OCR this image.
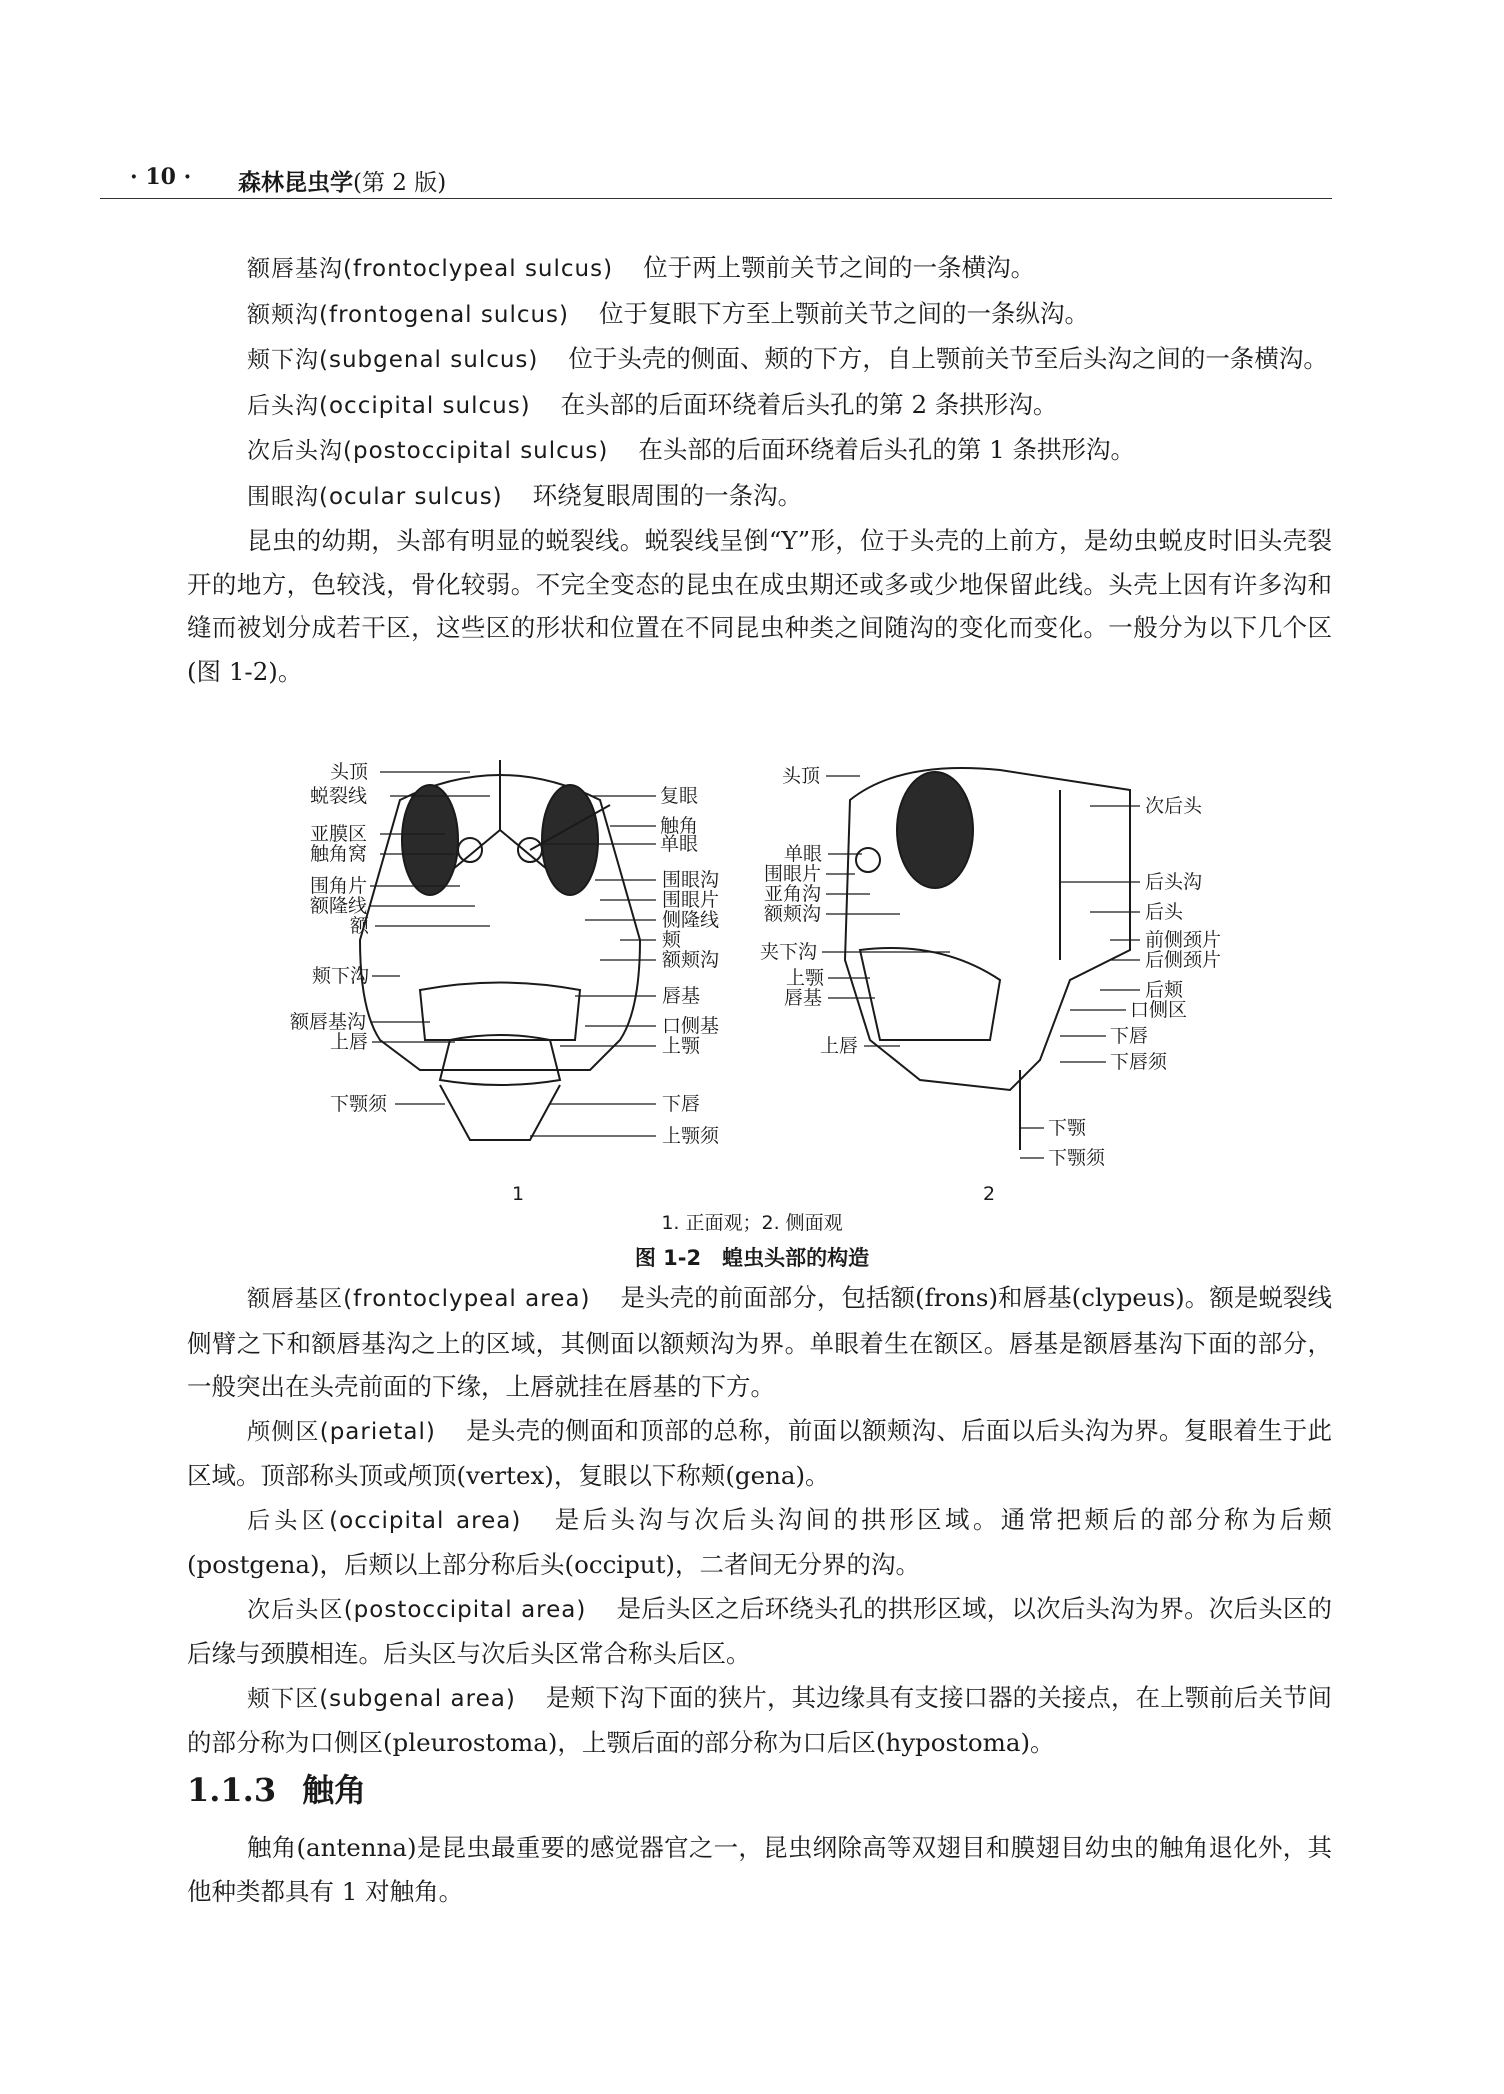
· 10 · 森林昆虫学(第 2 版)

额唇基沟(frontoclypeal sulcus) 位于两上颚前关节之间的一条横沟。

额颊沟(frontogenal sulcus) 位于复眼下方至上颚前关节之间的一条纵沟。

颊下沟(subgenal sulcus) 位于头壳的侧面、颊的下方，自上颚前关节至后头沟之间的一条横沟。

后头沟(occipital sulcus) 在头部的后面环绕着后头孔的第 2 条拱形沟。

次后头沟(postoccipital sulcus) 在头部的后面环绕着后头孔的第 1 条拱形沟。

围眼沟(ocular sulcus) 环绕复眼周围的一条沟。

昆虫的幼期，头部有明显的蜕裂线。蜕裂线呈倒“Y”形，位于头壳的上前方，是幼虫蜕皮时旧头壳裂开的地方，色较浅，骨化较弱。不完全变态的昆虫在成虫期还或多或少地保留此线。头壳上因有许多沟和缝而被划分成若干区，这些区的形状和位置在不同昆虫种类之间随沟的变化而变化。一般分为以下几个区(图 1-2)。

头顶
蜕裂线
亚膜区
触角窝
围角片
额隆线
额
颊下沟
额唇基沟
上唇
下颚须
复眼
触角
单眼
围眼沟
围眼片
侧隆线
颊
额颊沟
唇基
口侧基
上颚
下唇
上颚须
头顶
单眼
围眼片
亚角沟
额颊沟
夹下沟
上颚
唇基
上唇
次后头
后头沟
后头
前侧颈片
后侧颈片
后颊
口侧区
下唇
下唇须
下颚
下颚须
1	2
1. 正面观；2. 侧面观
图 1-2　蝗虫头部的构造

额唇基区(frontoclypeal area) 是头壳的前面部分，包括额(frons)和唇基(clypeus)。额是蜕裂线侧臂之下和额唇基沟之上的区域，其侧面以额颊沟为界。单眼着生在额区。唇基是额唇基沟下面的部分，一般突出在头壳前面的下缘，上唇就挂在唇基的下方。

颅侧区(parietal) 是头壳的侧面和顶部的总称，前面以额颊沟、后面以后头沟为界。复眼着生于此区域。顶部称头顶或颅顶(vertex)，复眼以下称颊(gena)。

后头区(occipital area) 是后头沟与次后头沟间的拱形区域。通常把颊后的部分称为后颊(postgena)，后颊以上部分称后头(occiput)，二者间无分界的沟。

次后头区(postoccipital area) 是后头区之后环绕头孔的拱形区域，以次后头沟为界。次后头区的后缘与颈膜相连。后头区与次后头区常合称头后区。

颊下区(subgenal area) 是颊下沟下面的狭片，其边缘具有支接口器的关接点，在上颚前后关节间的部分称为口侧区(pleurostoma)，上颚后面的部分称为口后区(hypostoma)。

1.1.3 触角

触角(antenna)是昆虫最重要的感觉器官之一，昆虫纲除高等双翅目和膜翅目幼虫的触角退化外，其他种类都具有 1 对触角。
